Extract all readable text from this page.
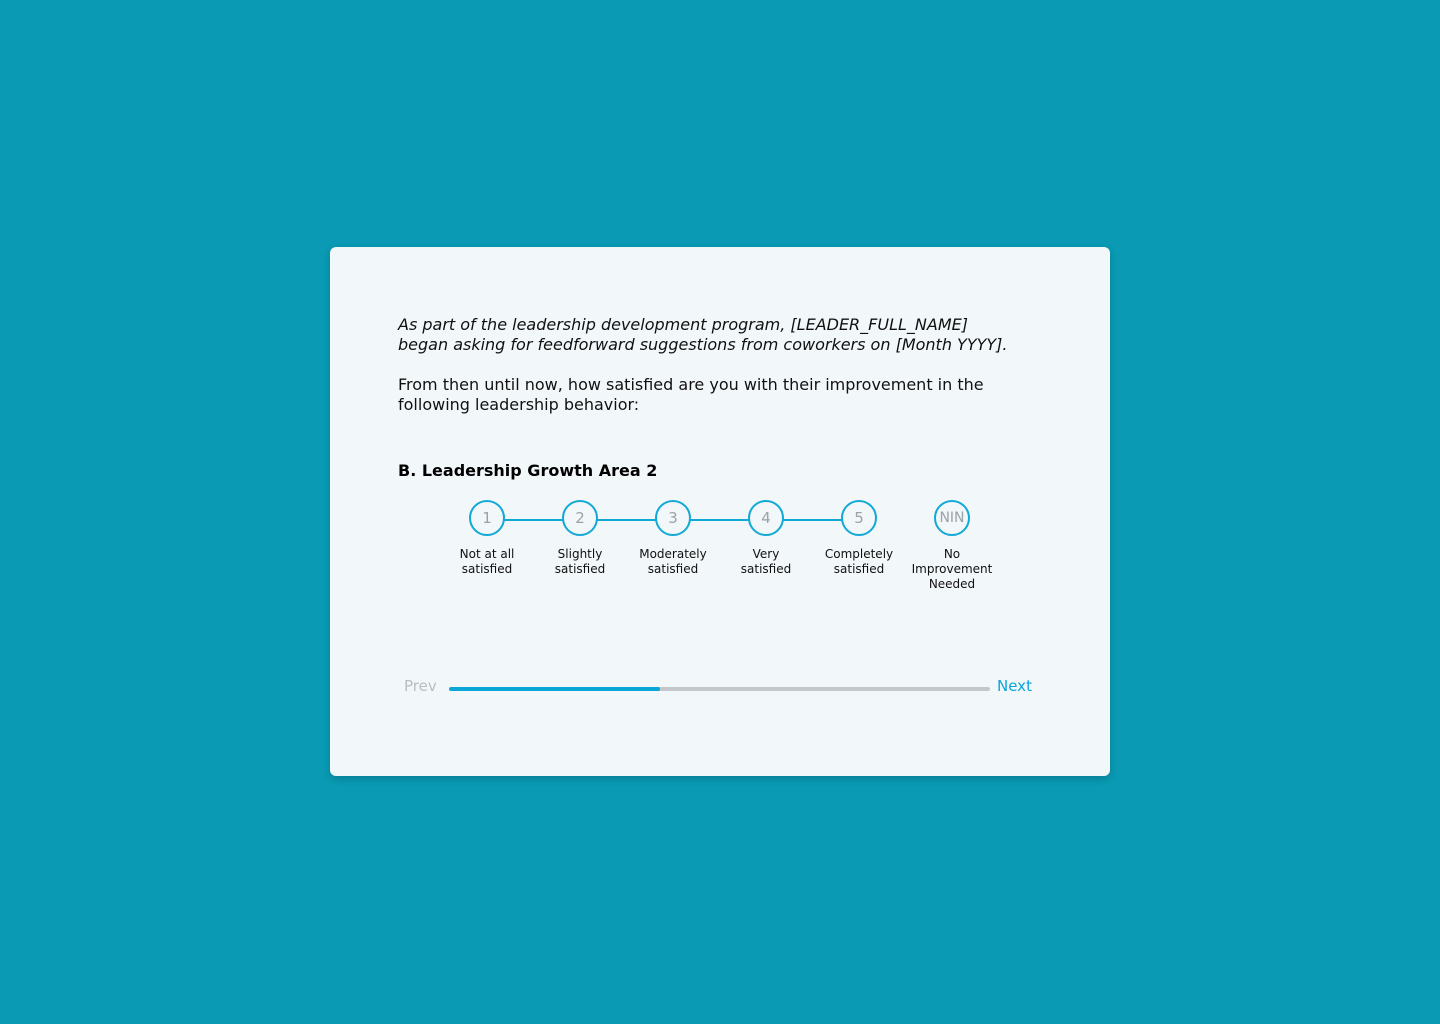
As part of the leadership development program, [LEADER_FULL_NAME]
began asking for feedforward suggestions from coworkers on [Month YYYY].

From then until now, how satisfied are you with their improvement in the
following leadership behavior:

B. Leadership Growth Area 2
1
Not at all
satisfied
2
Slightly
satisfied
3
Moderately
satisfied
4
Very
satisfied
5
Completely
satisfied
NIN
No
Improvement
Needed
Prev	Next
